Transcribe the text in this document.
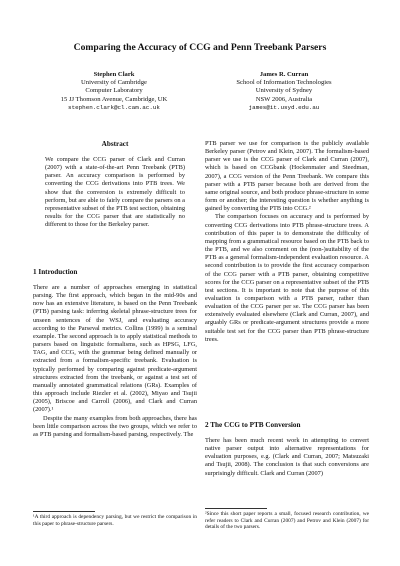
Comparing the Accuracy of CCG and Penn Treebank Parsers
Stephen Clark
University of Cambridge
Computer Laboratory
15 JJ Thomson Avenue, Cambridge, UK
stephen.clark@cl.cam.ac.uk
James R. Curran
School of Information Technologies
University of Sydney
NSW 2006, Australia
james@it.usyd.edu.au
Abstract
We compare the CCG parser of Clark and Curran (2007) with a state-of-the-art Penn Treebank (PTB) parser. An accuracy comparison is performed by converting the CCG derivations into PTB trees. We show that the conversion is extremely difficult to perform, but are able to fairly compare the parsers on a representative subset of the PTB test section, obtaining results for the CCG parser that are statistically no different to those for the Berkeley parser.
1 Introduction
There are a number of approaches emerging in statistical parsing. The first approach, which began in the mid-90s and now has an extensive literature, is based on the Penn Treebank (PTB) parsing task: inferring skeletal phrase-structure trees for unseen sentences of the WSJ, and evaluating accuracy according to the Parseval metrics. Collins (1999) is a seminal example. The second approach is to apply statistical methods to parsers based on linguistic formalisms, such as HPSG, LFG, TAG, and CCG, with the grammar being defined manually or extracted from a formalism-specific treebank. Evaluation is typically performed by comparing against predicate-argument structures extracted from the treebank, or against a test set of manually annotated grammatical relations (GRs). Examples of this approach include Riezler et al. (2002), Miyao and Tsujii (2005), Briscoe and Carroll (2006), and Clark and Curran (2007).¹
Despite the many examples from both approaches, there has been little comparison across the two groups, which we refer to as PTB parsing and formalism-based parsing, respectively. The
PTB parser we use for comparison is the publicly available Berkeley parser (Petrov and Klein, 2007). The formalism-based parser we use is the CCG parser of Clark and Curran (2007), which is based on CCGbank (Hockenmaier and Steedman, 2007), a CCG version of the Penn Treebank. We compare this parser with a PTB parser because both are derived from the same original source, and both produce phrase-structure in some form or another; the interesting question is whether anything is gained by converting the PTB into CCG.²
The comparison focuses on accuracy and is performed by converting CCG derivations into PTB phrase-structure trees. A contribution of this paper is to demonstrate the difficulty of mapping from a grammatical resource based on the PTB back to the PTB, and we also comment on the (non-)suitability of the PTB as a general formalism-independent evaluation resource. A second contribution is to provide the first accuracy comparison of the CCG parser with a PTB parser, obtaining competitive scores for the CCG parser on a representative subset of the PTB test sections. It is important to note that the purpose of this evaluation is comparison with a PTB parser, rather than evaluation of the CCG parser per se. The CCG parser has been extensively evaluated elsewhere (Clark and Curran, 2007), and arguably GRs or predicate-argument structures provide a more suitable test set for the CCG parser than PTB phrase-structure trees.
2 The CCG to PTB Conversion
There has been much recent work in attempting to convert native parser output into alternative representations for evaluation purposes, e.g. (Clark and Curran, 2007; Matsuzaki and Tsujii, 2008). The conclusion is that such conversions are surprisingly difficult. Clark and Curran (2007)
¹A third approach is dependency parsing, but we restrict the comparison in this paper to phrase-structure parsers.
²Since this short paper reports a small, focused research contribution, we refer readers to Clark and Curran (2007) and Petrov and Klein (2007) for details of the two parsers.
